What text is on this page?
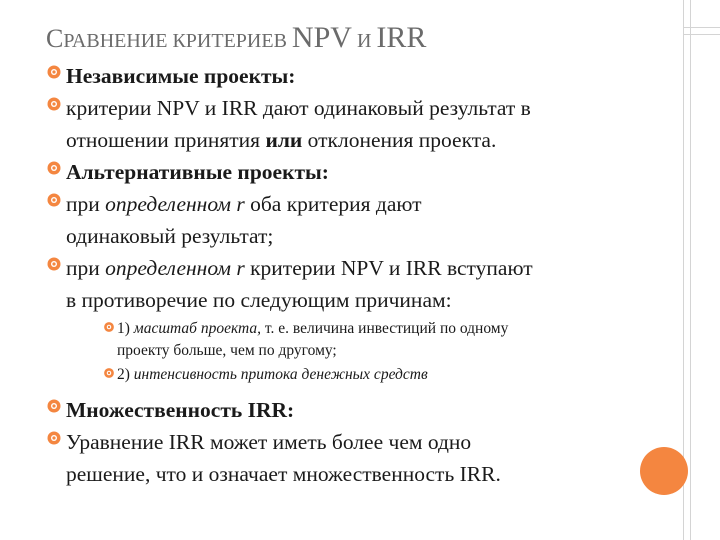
СРАВНЕНИЕ КРИТЕРИЕВ NPV И IRR
Независимые проекты:
критерии NPV и IRR дают одинаковый результат в
отношении принятия или отклонения проекта.
Альтернативные проекты:
при определенном r оба критерия дают
одинаковый результат;
при определенном r критерии NPV и IRR вступают
в противоречие по следующим причинам:
1) масштаб проекта, т. е. величина инвестиций по одному
проекту больше, чем по другому;
2) интенсивность притока денежных средств
Множественность IRR:
Уравнение IRR может иметь более чем одно
решение, что и означает множественность IRR.
